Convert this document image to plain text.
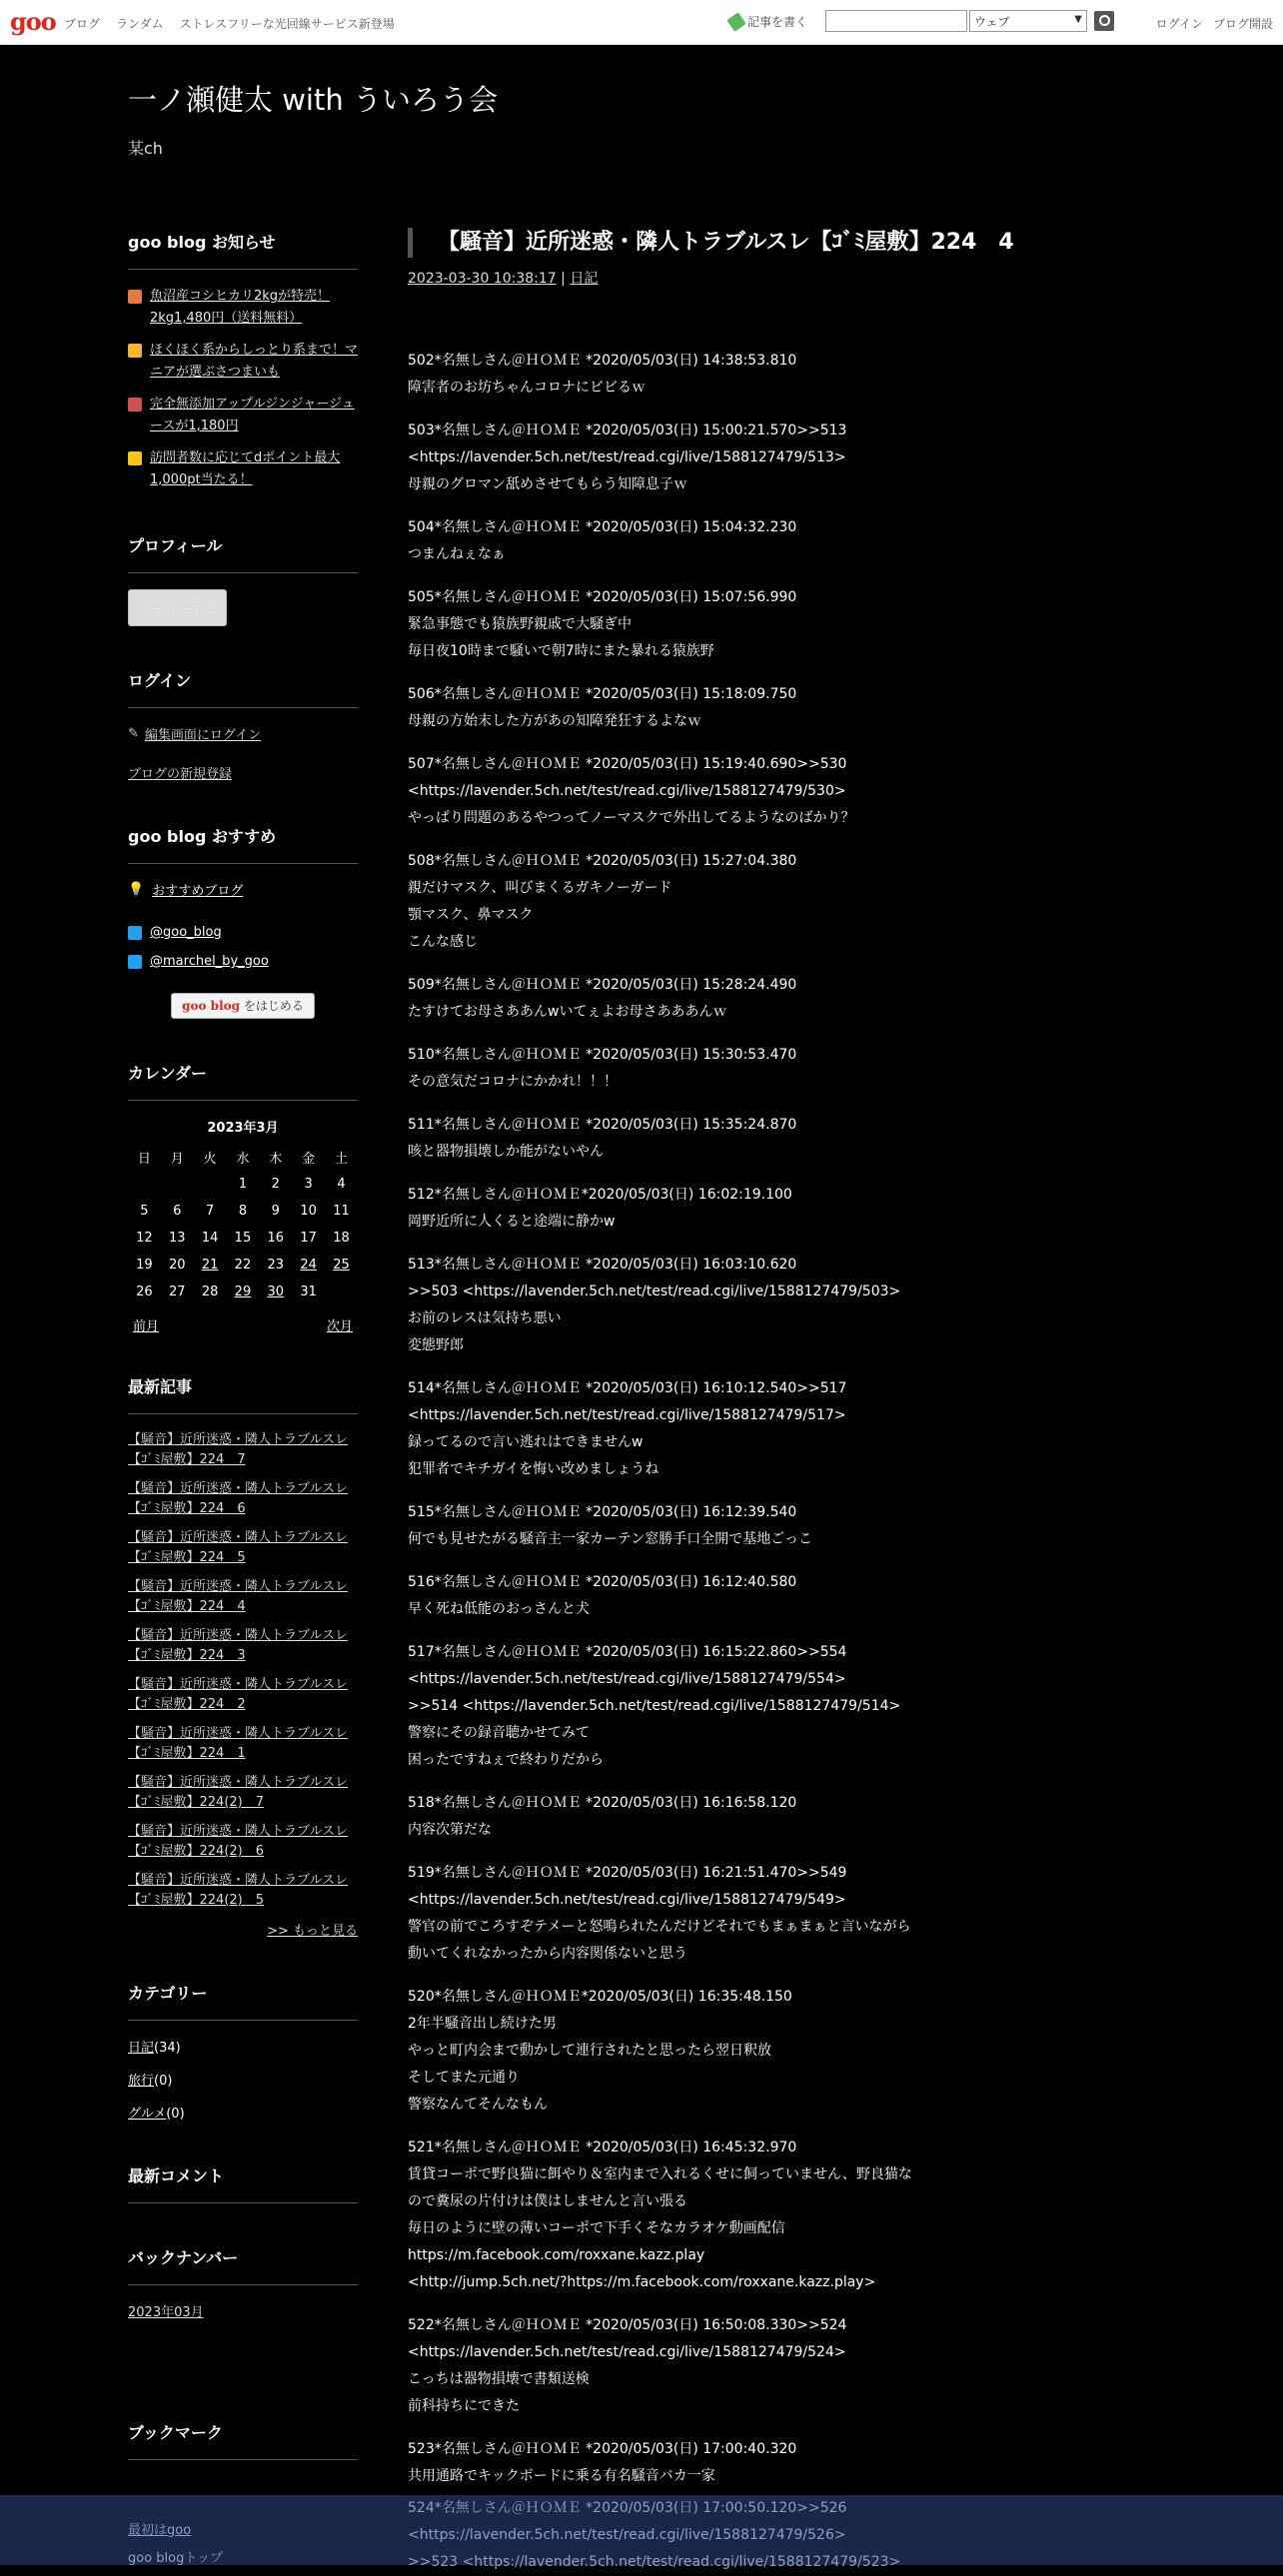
goo ブログ ランダム ストレスフリーな光回線サービス新登場	記事を書く	ウェブ	▼	ログイン ブログ開設
一ノ瀬健太 with ういろう会
某ch
goo blog お知らせ
魚沼産コシヒカリ2kgが特売！2kg1,480円（送料無料）
ほくほく系からしっとり系まで！マニアが選ぶさつまいも
完全無添加アップルジンジャージュースが1,180円
訪問者数に応じてdポイント最大1,000pt当たる！
プロフィール
フォローする
ログイン
✎ 編集画面にログイン
ブログの新規登録
goo blog おすすめ
💡 おすすめブログ
@goo_blog
@marchel_by_goo
goo blog をはじめる
カレンダー
2023年3月
日	月	火	水	木	金	土
			1	2	3	4
5	6	7	8	9	10	11
12	13	14	15	16	17	18
19	20	21	22	23	24	25
26	27	28	29	30	31	
前月	次月
最新記事
【騒音】近所迷惑・隣人トラブルスレ【ｺﾞﾐ屋敷】224　7
【騒音】近所迷惑・隣人トラブルスレ【ｺﾞﾐ屋敷】224　6
【騒音】近所迷惑・隣人トラブルスレ【ｺﾞﾐ屋敷】224　5
【騒音】近所迷惑・隣人トラブルスレ【ｺﾞﾐ屋敷】224　4
【騒音】近所迷惑・隣人トラブルスレ【ｺﾞﾐ屋敷】224　3
【騒音】近所迷惑・隣人トラブルスレ【ｺﾞﾐ屋敷】224　2
【騒音】近所迷惑・隣人トラブルスレ【ｺﾞﾐ屋敷】224　1
【騒音】近所迷惑・隣人トラブルスレ【ｺﾞﾐ屋敷】224(2)　7
【騒音】近所迷惑・隣人トラブルスレ【ｺﾞﾐ屋敷】224(2)　6
【騒音】近所迷惑・隣人トラブルスレ【ｺﾞﾐ屋敷】224(2)　5
>> もっと見る
カテゴリー
日記(34)
旅行(0)
グルメ(0)
最新コメント
バックナンバー
2023年03月
ブックマーク
【騒音】近所迷惑・隣人トラブルスレ【ｺﾞﾐ屋敷】224　4
2023-03-30 10:38:17 | 日記
502*名無しさん＠ＨＯＭＥ *2020/05/03(日) 14:38:53.810
障害者のお坊ちゃんコロナにビビるｗ
503*名無しさん＠ＨＯＭＥ *2020/05/03(日) 15:00:21.570>>513
<https://lavender.5ch.net/test/read.cgi/live/1588127479/513>
母親のグロマン舐めさせてもらう知障息子ｗ
504*名無しさん＠ＨＯＭＥ *2020/05/03(日) 15:04:32.230
つまんねぇなぁ
505*名無しさん＠ＨＯＭＥ *2020/05/03(日) 15:07:56.990
緊急事態でも猿族野親戚で大騒ぎ中
毎日夜10時まで騒いで朝7時にまた暴れる猿族野
506*名無しさん＠ＨＯＭＥ *2020/05/03(日) 15:18:09.750
母親の方始末した方があの知障発狂するよなｗ
507*名無しさん＠ＨＯＭＥ *2020/05/03(日) 15:19:40.690>>530
<https://lavender.5ch.net/test/read.cgi/live/1588127479/530>
やっぱり問題のあるやつってノーマスクで外出してるようなのばかり？
508*名無しさん＠ＨＯＭＥ *2020/05/03(日) 15:27:04.380
親だけマスク、叫びまくるガキノーガード
顎マスク、鼻マスク
こんな感じ
509*名無しさん＠ＨＯＭＥ *2020/05/03(日) 15:28:24.490
たすけてお母さああんwいてぇよお母さあああんｗ
510*名無しさん＠ＨＯＭＥ *2020/05/03(日) 15:30:53.470
その意気だコロナにかかれ！！！
511*名無しさん＠ＨＯＭＥ *2020/05/03(日) 15:35:24.870
咳と器物損壊しか能がないやん
512*名無しさん＠ＨＯＭＥ*2020/05/03(日) 16:02:19.100
岡野近所に人くると途端に静かw
513*名無しさん＠ＨＯＭＥ *2020/05/03(日) 16:03:10.620
>>503 <https://lavender.5ch.net/test/read.cgi/live/1588127479/503>
お前のレスは気持ち悪い
変態野郎
514*名無しさん＠ＨＯＭＥ *2020/05/03(日) 16:10:12.540>>517
<https://lavender.5ch.net/test/read.cgi/live/1588127479/517>
録ってるので言い逃れはできませんw
犯罪者でキチガイを悔い改めましょうね
515*名無しさん＠ＨＯＭＥ *2020/05/03(日) 16:12:39.540
何でも見せたがる騒音主一家カーテン窓勝手口全開で基地ごっこ
516*名無しさん＠ＨＯＭＥ *2020/05/03(日) 16:12:40.580
早く死ね低能のおっさんと犬
517*名無しさん＠ＨＯＭＥ *2020/05/03(日) 16:15:22.860>>554
<https://lavender.5ch.net/test/read.cgi/live/1588127479/554>
>>514 <https://lavender.5ch.net/test/read.cgi/live/1588127479/514>
警察にその録音聴かせてみて
困ったですねぇで終わりだから
518*名無しさん＠ＨＯＭＥ *2020/05/03(日) 16:16:58.120
内容次第だな
519*名無しさん＠ＨＯＭＥ *2020/05/03(日) 16:21:51.470>>549
<https://lavender.5ch.net/test/read.cgi/live/1588127479/549>
警官の前でころすぞテメーと怒鳴られたんだけどそれでもまぁまぁと言いながら
動いてくれなかったから内容関係ないと思う
520*名無しさん＠ＨＯＭＥ*2020/05/03(日) 16:35:48.150
2年半騒音出し続けた男
やっと町内会まで動かして連行されたと思ったら翌日釈放
そしてまた元通り
警察なんてそんなもん
521*名無しさん＠ＨＯＭＥ *2020/05/03(日) 16:45:32.970
賃貸コーポで野良猫に餌やり＆室内まで入れるくせに飼っていません、野良猫な
ので糞尿の片付けは僕はしませんと言い張る
毎日のように壁の薄いコーポで下手くそなカラオケ動画配信
https://m.facebook.com/roxxane.kazz.play
<http://jump.5ch.net/?https://m.facebook.com/roxxane.kazz.play>
522*名無しさん＠ＨＯＭＥ *2020/05/03(日) 16:50:08.330>>524
<https://lavender.5ch.net/test/read.cgi/live/1588127479/524>
こっちは器物損壊で書類送検
前科持ちにできた
523*名無しさん＠ＨＯＭＥ *2020/05/03(日) 17:00:40.320
共用通路でキックボードに乗る有名騒音バカ一家
524*名無しさん＠ＨＯＭＥ *2020/05/03(日) 17:00:50.120>>526
<https://lavender.5ch.net/test/read.cgi/live/1588127479/526>
>>523 <https://lavender.5ch.net/test/read.cgi/live/1588127479/523>
最初はgoo
goo blogトップ
